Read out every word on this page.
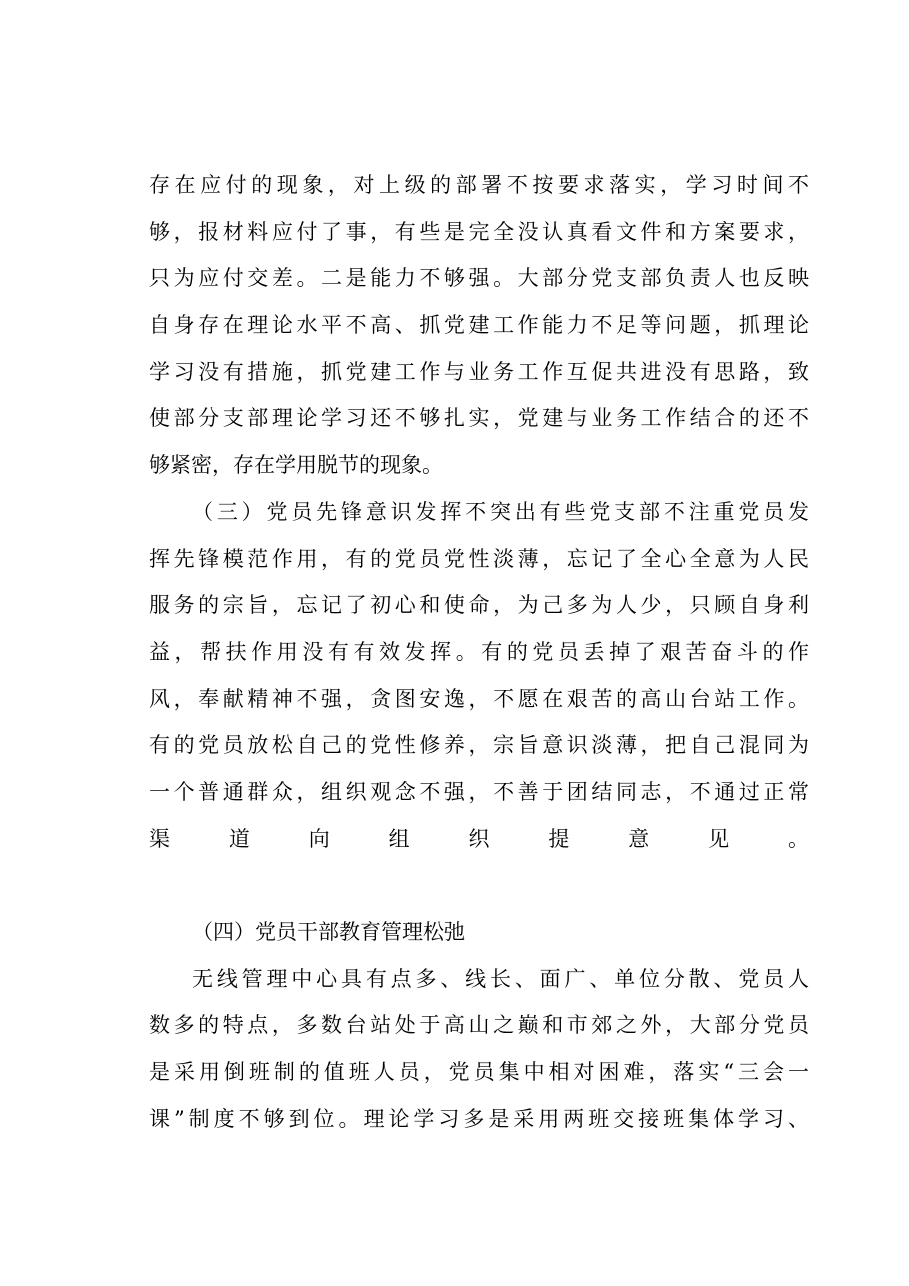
存在应付的现象，对上级的部署不按要求落实，学习时间不
够，报材料应付了事，有些是完全没认真看文件和方案要求，
只为应付交差。二是能力不够强。大部分党支部负责人也反映
自身存在理论水平不高、抓党建工作能力不足等问题，抓理论
学习没有措施，抓党建工作与业务工作互促共进没有思路，致
使部分支部理论学习还不够扎实，党建与业务工作结合的还不
够紧密，存在学用脱节的现象。
（三）党员先锋意识发挥不突出有些党支部不注重党员发
挥先锋模范作用，有的党员党性淡薄，忘记了全心全意为人民
服务的宗旨，忘记了初心和使命，为己多为人少，只顾自身利
益，帮扶作用没有有效发挥。有的党员丢掉了艰苦奋斗的作
风，奉献精神不强，贪图安逸，不愿在艰苦的高山台站工作。
有的党员放松自己的党性修养，宗旨意识淡薄，把自己混同为
一个普通群众，组织观念不强，不善于团结同志，不通过正常
渠道向组织提意见。
（四）党员干部教育管理松弛
无线管理中心具有点多、线长、面广、单位分散、党员人
数多的特点，多数台站处于高山之巅和市郊之外，大部分党员
是采用倒班制的值班人员，党员集中相对困难，落实“三会一
课”制度不够到位。理论学习多是采用两班交接班集体学习、
